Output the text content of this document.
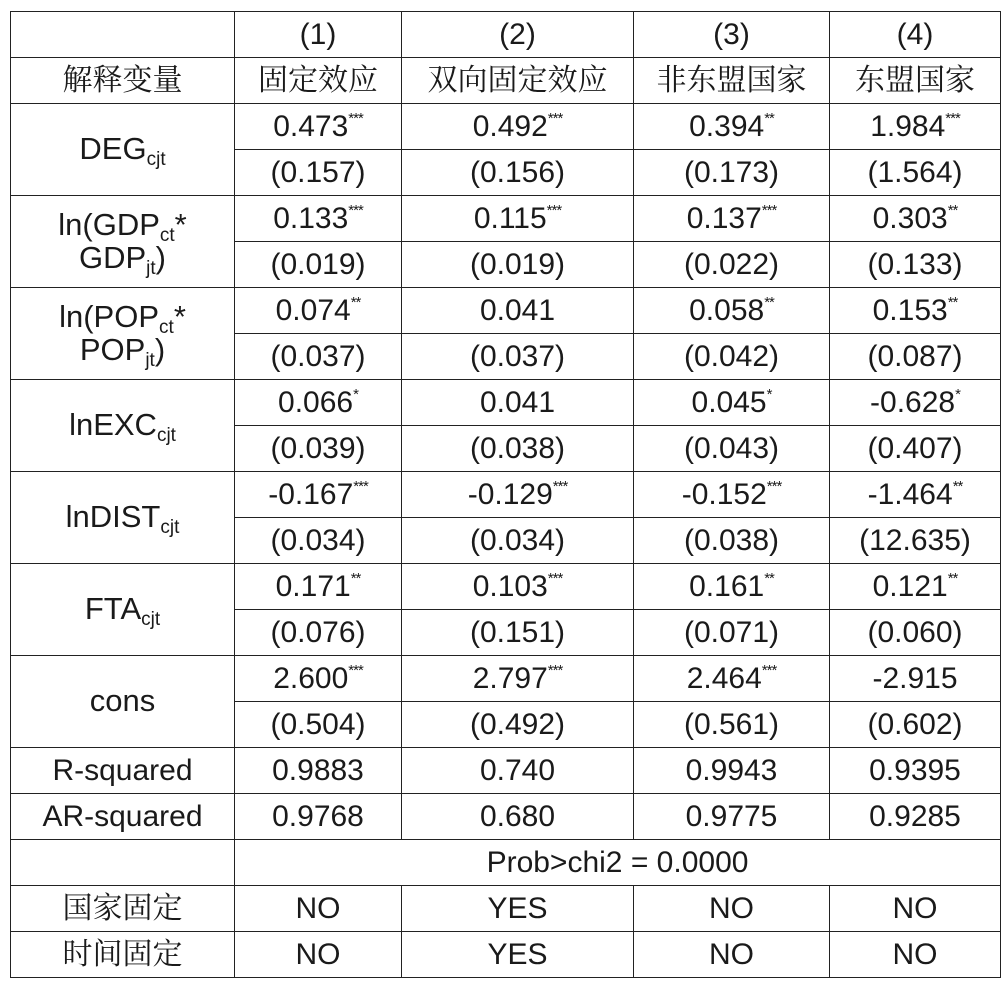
	(1)	(2)	(3)	(4)
解释变量	固定效应	双向固定效应	非东盟国家	东盟国家
$DEG_{cjt}$	0.473***	0.492***	0.394**	1.984***
	(0.157)	(0.156)	(0.173)	(1.564)
$\ln(GDP_{ct}*$
$GDP_{jt}$)	0.133***	0.115***	0.137***	0.303**
	(0.019)	(0.019)	(0.022)	(0.133)
$\ln(POP_{ct}*$
$POP_{jt}$)	0.074**	0.041	0.058**	0.153**
	(0.037)	(0.037)	(0.042)	(0.087)
lnEXC$_{cjt}$	0.066*	0.041	0.045*	-0.628*
	(0.039)	(0.038)	(0.043)	(0.407)
lnDIST$_{cjt}$	-0.167***	-0.129***	-0.152***	-1.464**
	(0.034)	(0.034)	(0.038)	(12.635)
$FTA_{cjt}$	0.171**	0.103***	0.161**	0.121**
	(0.076)	(0.151)	(0.071)	(0.060)
cons	2.600***	2.797***	2.464***	-2.915
	(0.504)	(0.492)	(0.561)	(0.602)
R-squared	0.9883	0.740	0.9943	0.9395
AR-squared	0.9768	0.680	0.9775	0.9285
	Prob>chi2 = 0.0000			
国家固定	NO	YES	NO	NO
时间固定	NO	YES	NO	NO
